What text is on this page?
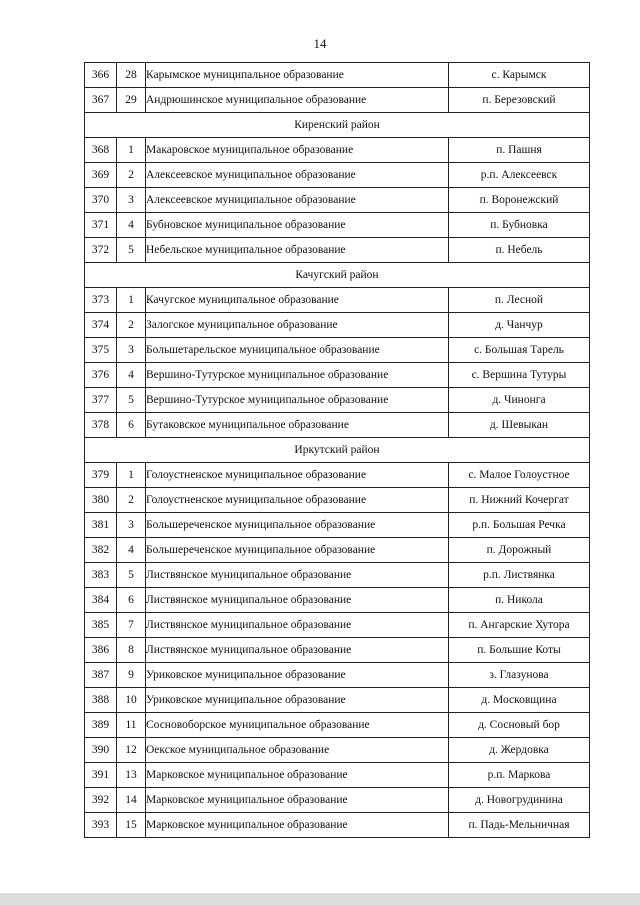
14
366	28	Карымское муниципальное образование	с. Карымск
367	29	Андрюшинское муниципальное образование	п. Березовский
Киренский район			
368	1	Макаровское муниципальное образование	п. Пашня
369	2	Алексеевское муниципальное образование	р.п. Алексеевск
370	3	Алексеевское муниципальное образование	п. Воронежский
371	4	Бубновское муниципальное образование	п. Бубновка
372	5	Небельское муниципальное образование	п. Небель
Качугский район			
373	1	Качугское муниципальное образование	п. Лесной
374	2	Залогское муниципальное образование	д. Чанчур
375	3	Большетарельское муниципальное образование	с. Большая Тарель
376	4	Вершино-Тутурское муниципальное образование	с. Вершина Тутуры
377	5	Вершино-Тутурское муниципальное образование	д. Чинонга
378	6	Бутаковское муниципальное образование	д. Шевыкан
Иркутский район			
379	1	Голоустненское муниципальное образование	с. Малое Голоустное
380	2	Голоустненское муниципальное образование	п. Нижний Кочергат
381	3	Большереченское муниципальное образование	р.п. Большая Речка
382	4	Большереченское муниципальное образование	п. Дорожный
383	5	Листвянское муниципальное образование	р.п. Листвянка
384	6	Листвянское муниципальное образование	п. Никола
385	7	Листвянское муниципальное образование	п. Ангарские Хутора
386	8	Листвянское муниципальное образование	п. Большие Коты
387	9	Уриковское муниципальное образование	з. Глазунова
388	10	Уриковское муниципальное образование	д. Московщина
389	11	Сосновоборское муниципальное образование	д. Сосновый бор
390	12	Оекское муниципальное образование	д. Жердовка
391	13	Марковское муниципальное образование	р.п. Маркова
392	14	Марковское муниципальное образование	д. Новогрудинина
393	15	Марковское муниципальное образование	п. Падь-Мельничная
